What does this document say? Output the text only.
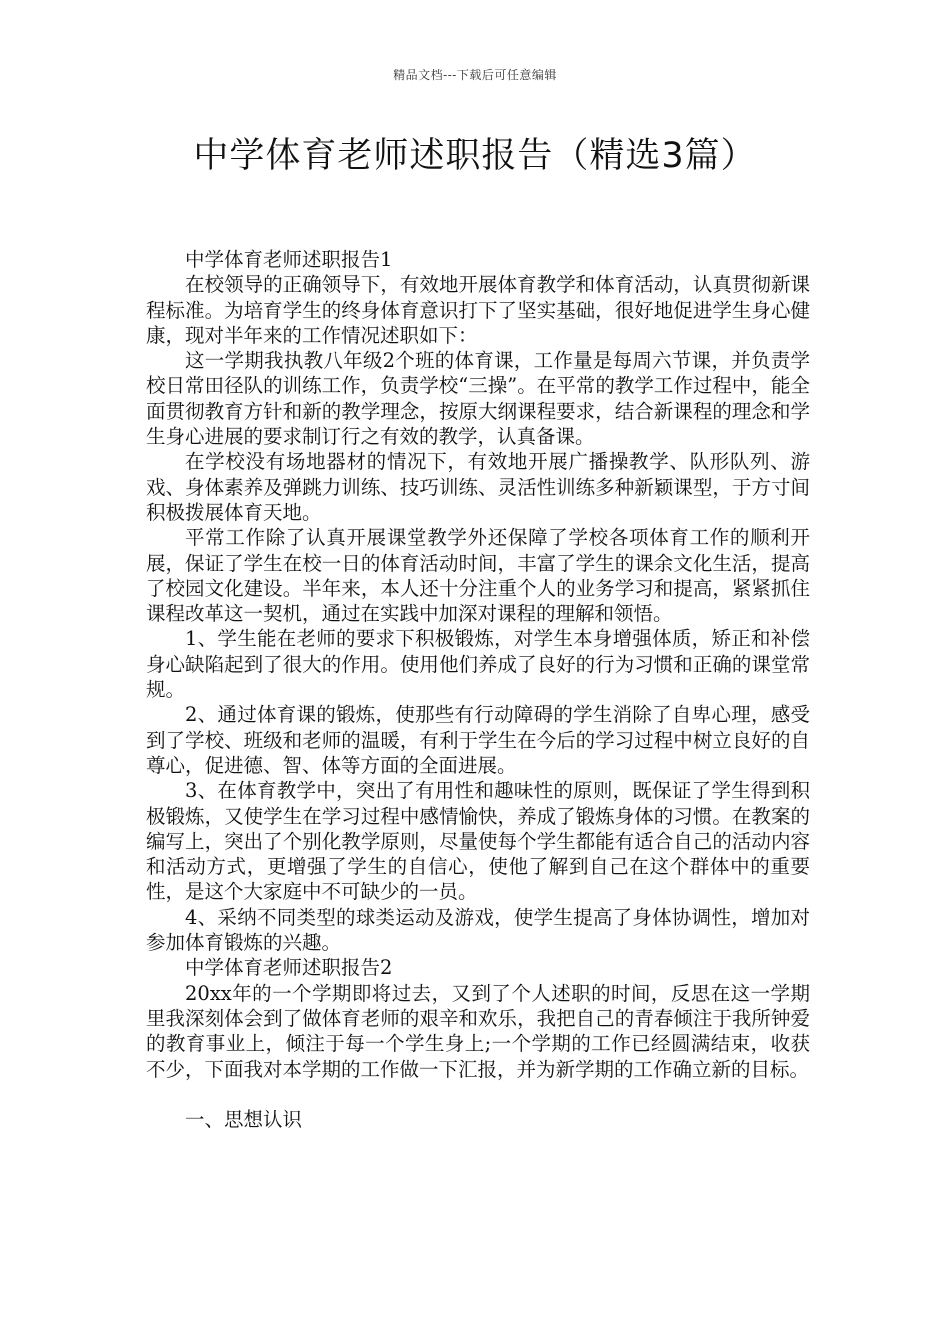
精品文档---下载后可任意编辑
中学体育老师述职报告（精选3篇）

中学体育老师述职报告1

在校领导的正确领导下，有效地开展体育教学和体育活动，认真贯彻新课程标准。为培育学生的终身体育意识打下了坚实基础，很好地促进学生身心健康，现对半年来的工作情况述职如下：

这一学期我执教八年级2个班的体育课，工作量是每周六节课，并负责学校日常田径队的训练工作，负责学校“三操”。在平常的教学工作过程中，能全面贯彻教育方针和新的教学理念，按原大纲课程要求，结合新课程的理念和学生身心进展的要求制订行之有效的教学，认真备课。

在学校没有场地器材的情况下，有效地开展广播操教学、队形队列、游戏、身体素养及弹跳力训练、技巧训练、灵活性训练多种新颖课型，于方寸间积极拨展体育天地。

平常工作除了认真开展课堂教学外还保障了学校各项体育工作的顺利开展，保证了学生在校一日的体育活动时间，丰富了学生的课余文化生活，提高了校园文化建设。半年来，本人还十分注重个人的业务学习和提高，紧紧抓住课程改革这一契机，通过在实践中加深对课程的理解和领悟。

1、学生能在老师的要求下积极锻炼，对学生本身增强体质，矫正和补偿身心缺陷起到了很大的作用。使用他们养成了良好的行为习惯和正确的课堂常规。

2、通过体育课的锻炼，使那些有行动障碍的学生消除了自卑心理，感受到了学校、班级和老师的温暖，有利于学生在今后的学习过程中树立良好的自尊心，促进德、智、体等方面的全面进展。

3、在体育教学中，突出了有用性和趣味性的原则，既保证了学生得到积极锻炼，又使学生在学习过程中感情愉快，养成了锻炼身体的习惯。在教案的编写上，突出了个别化教学原则，尽量使每个学生都能有适合自己的活动内容和活动方式，更增强了学生的自信心，使他了解到自己在这个群体中的重要性，是这个大家庭中不可缺少的一员。

4、采纳不同类型的球类运动及游戏，使学生提高了身体协调性，增加对参加体育锻炼的兴趣。

中学体育老师述职报告2

20xx年的一个学期即将过去，又到了个人述职的时间，反思在这一学期里我深刻体会到了做体育老师的艰辛和欢乐，我把自己的青春倾注于我所钟爱的教育事业上，倾注于每一个学生身上;一个学期的工作已经圆满结束，收获不少，下面我对本学期的工作做一下汇报，并为新学期的工作确立新的目标。

一、思想认识
